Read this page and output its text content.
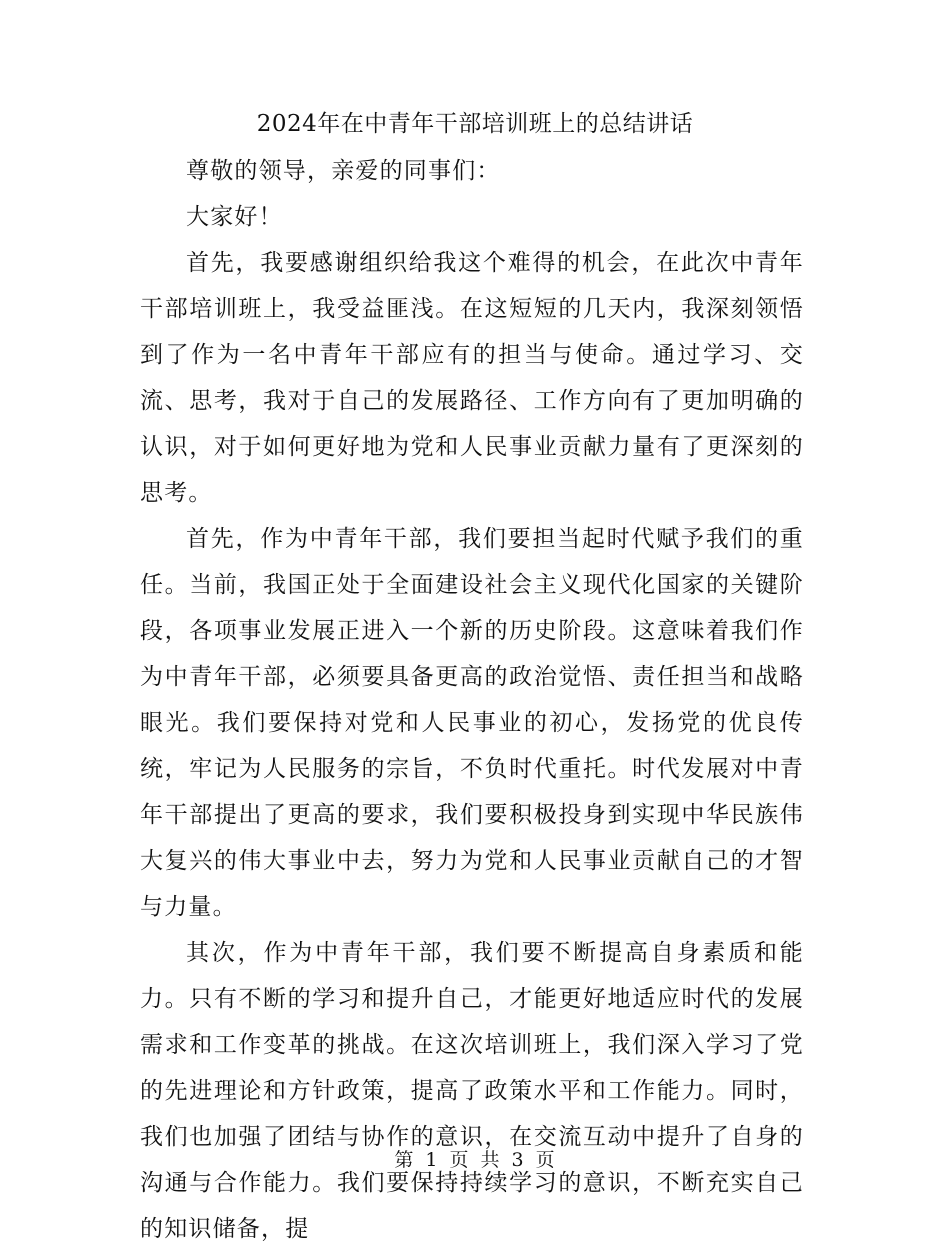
2024年在中青年干部培训班上的总结讲话

尊敬的领导，亲爱的同事们：

大家好！

首先，我要感谢组织给我这个难得的机会，在此次中青年干部培训班上，我受益匪浅。在这短短的几天内，我深刻领悟到了作为一名中青年干部应有的担当与使命。通过学习、交流、思考，我对于自己的发展路径、工作方向有了更加明确的认识，对于如何更好地为党和人民事业贡献力量有了更深刻的思考。

首先，作为中青年干部，我们要担当起时代赋予我们的重任。当前，我国正处于全面建设社会主义现代化国家的关键阶段，各项事业发展正进入一个新的历史阶段。这意味着我们作为中青年干部，必须要具备更高的政治觉悟、责任担当和战略眼光。我们要保持对党和人民事业的初心，发扬党的优良传统，牢记为人民服务的宗旨，不负时代重托。时代发展对中青年干部提出了更高的要求，我们要积极投身到实现中华民族伟大复兴的伟大事业中去，努力为党和人民事业贡献自己的才智与力量。

其次，作为中青年干部，我们要不断提高自身素质和能力。只有不断的学习和提升自己，才能更好地适应时代的发展需求和工作变革的挑战。在这次培训班上，我们深入学习了党的先进理论和方针政策，提高了政策水平和工作能力。同时，我们也加强了团结与协作的意识，在交流互动中提升了自身的沟通与合作能力。我们要保持持续学习的意识，不断充实自己的知识储备，提

第 1 页 共 3 页
